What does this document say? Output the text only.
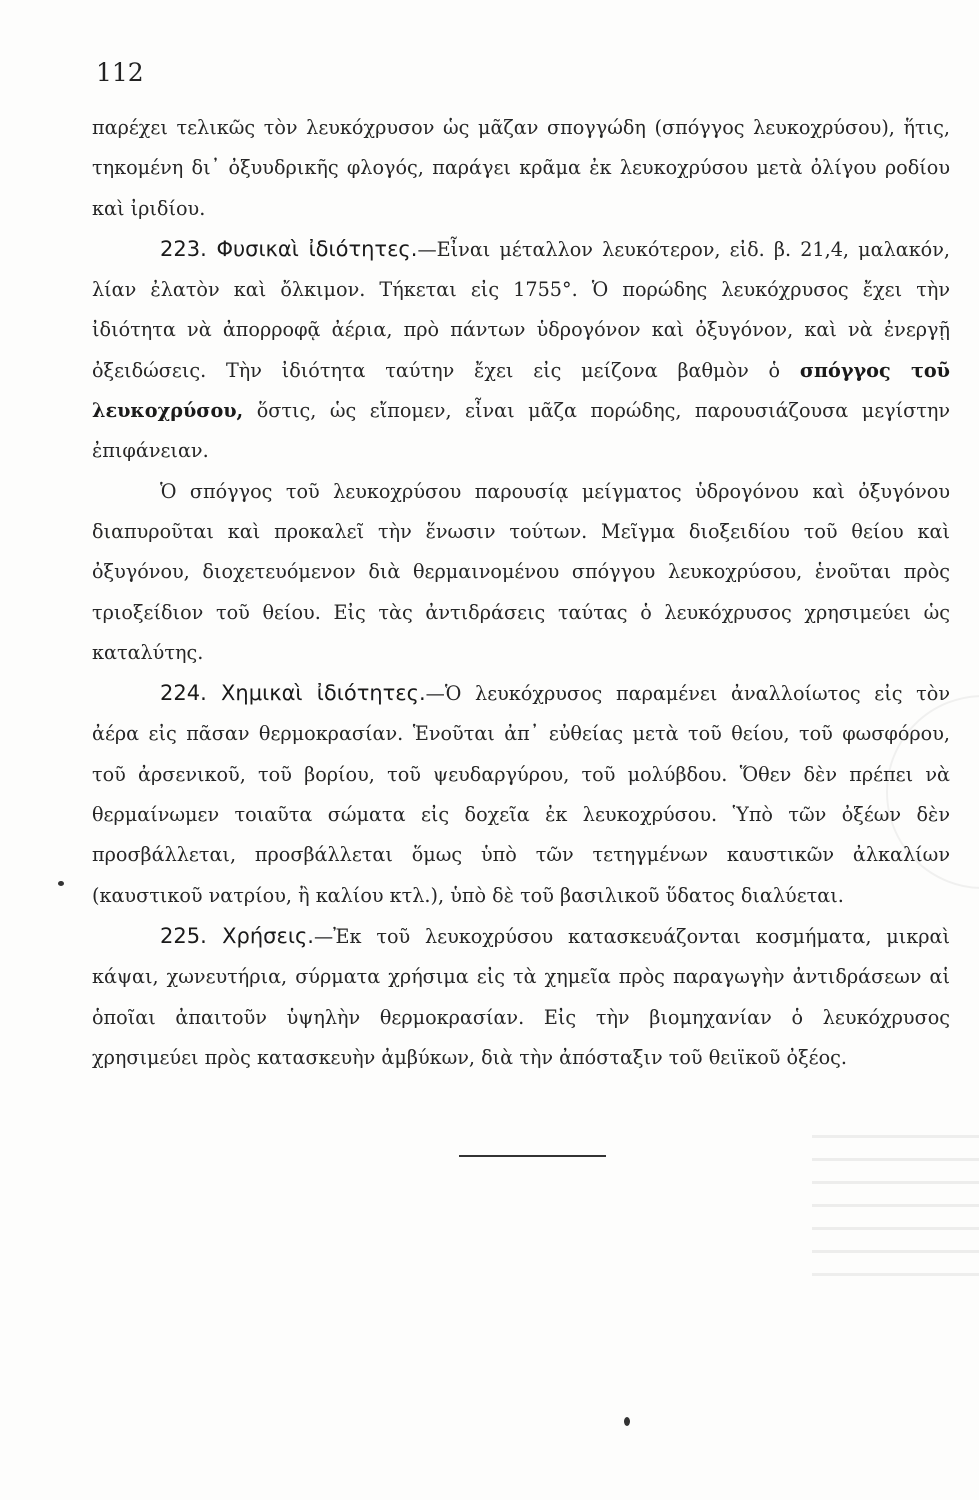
112

παρέχει τελικῶς τὸν λευκόχρυσον ὡς μᾶζαν σπογγώδη (σπόγγος λευκοχρύσου), ἥτις, τηκομένη δι᾽ ὀξυυδρικῆς φλογός, παράγει κρᾶμα ἐκ λευκοχρύσου μετὰ ὀλίγου ροδίου καὶ ἰριδίου.

223. Φυσικαὶ ἰδιότητες.—Εἶναι μέταλλον λευκότερον, εἰδ. β. 21,4, μαλακόν, λίαν ἐλατὸν καὶ ὄλκιμον. Τήκεται εἰς 1755°. Ὁ πορώδης λευκόχρυσος ἔχει τὴν ἰδιότητα νὰ ἀπορροφᾷ ἀέρια, πρὸ πάντων ὑδρογόνον καὶ ὀξυγόνον, καὶ νὰ ἐνεργῇ ὀξειδώσεις. Τὴν ἰδιότητα ταύτην ἔχει εἰς μείζονα βαθμὸν ὁ σπόγγος τοῦ λευκοχρύσου, ὅστις, ὡς εἴπομεν, εἶναι μᾶζα πορώδης, παρουσιάζουσα μεγίστην ἐπιφάνειαν.

Ὁ σπόγγος τοῦ λευκοχρύσου παρουσίᾳ μείγματος ὑδρογόνου καὶ ὀξυγόνου διαπυροῦται καὶ προκαλεῖ τὴν ἕνωσιν τούτων. Μεῖγμα διοξειδίου τοῦ θείου καὶ ὀξυγόνου, διοχετευόμενον διὰ θερμαινομένου σπόγγου λευκοχρύσου, ἑνοῦται πρὸς τριοξείδιον τοῦ θείου. Εἰς τὰς ἀντιδράσεις ταύτας ὁ λευκόχρυσος χρησιμεύει ὡς καταλύτης.

224. Χημικαὶ ἰδιότητες.—Ὁ λευκόχρυσος παραμένει ἀναλλοίωτος εἰς τὸν ἀέρα εἰς πᾶσαν θερμοκρασίαν. Ἑνοῦται ἀπ᾽ εὐθείας μετὰ τοῦ θείου, τοῦ φωσφόρου, τοῦ ἀρσενικοῦ, τοῦ βορίου, τοῦ ψευδαργύρου, τοῦ μολύβδου. Ὅθεν δὲν πρέπει νὰ θερμαίνωμεν τοιαῦτα σώματα εἰς δοχεῖα ἐκ λευκοχρύσου. Ὑπὸ τῶν ὀξέων δὲν προσβάλλεται, προσβάλλεται ὅμως ὑπὸ τῶν τετηγμένων καυστικῶν ἀλκαλίων (καυστικοῦ νατρίου, ἢ καλίου κτλ.), ὑπὸ δὲ τοῦ βασιλικοῦ ὕδατος διαλύεται.

225. Χρήσεις.—Ἐκ τοῦ λευκοχρύσου κατασκευάζονται κοσμήματα, μικραὶ κάψαι, χωνευτήρια, σύρματα χρήσιμα εἰς τὰ χημεῖα πρὸς παραγωγὴν ἀντιδράσεων αἱ ὁποῖαι ἀπαιτοῦν ὑψηλὴν θερμοκρασίαν. Εἰς τὴν βιομηχανίαν ὁ λευκόχρυσος χρησιμεύει πρὸς κατασκευὴν ἀμβύκων, διὰ τὴν ἀπόσταξιν τοῦ θειϊκοῦ ὀξέος.
